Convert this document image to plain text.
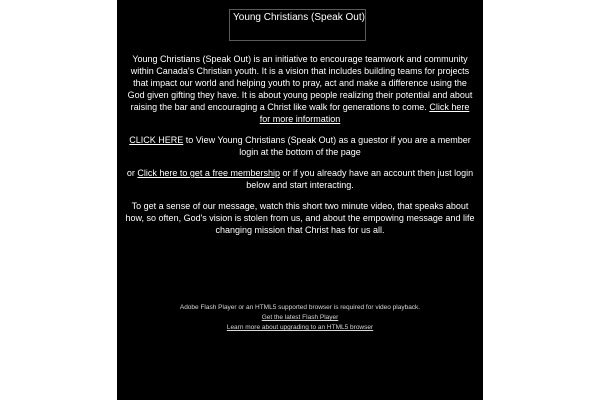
Young Christians (Speak Out)

Young Christians (Speak Out) is an initiative to encourage teamwork and community within Canada's Christian youth. It is a vision that includes building teams for projects that impact our world and helping youth to pray, act and make a difference using the God given gifting they have. It is about young people realizing their potential and about raising the bar and encouraging a Christ like walk for generations to come. Click here for more information

CLICK HERE to View Young Christians (Speak Out) as a guestor if you are a member login at the bottom of the page

or Click here to get a free membership or if you already have an account then just login below and start interacting.

To get a sense of our message, watch this short two minute video, that speaks about how, so often, God's vision is stolen from us, and about the empowing message and life changing mission that Christ has for us all.

Adobe Flash Player or an HTML5 supported browser is required for video playback.
Get the latest Flash Player
Learn more about upgrading to an HTML5 browser
